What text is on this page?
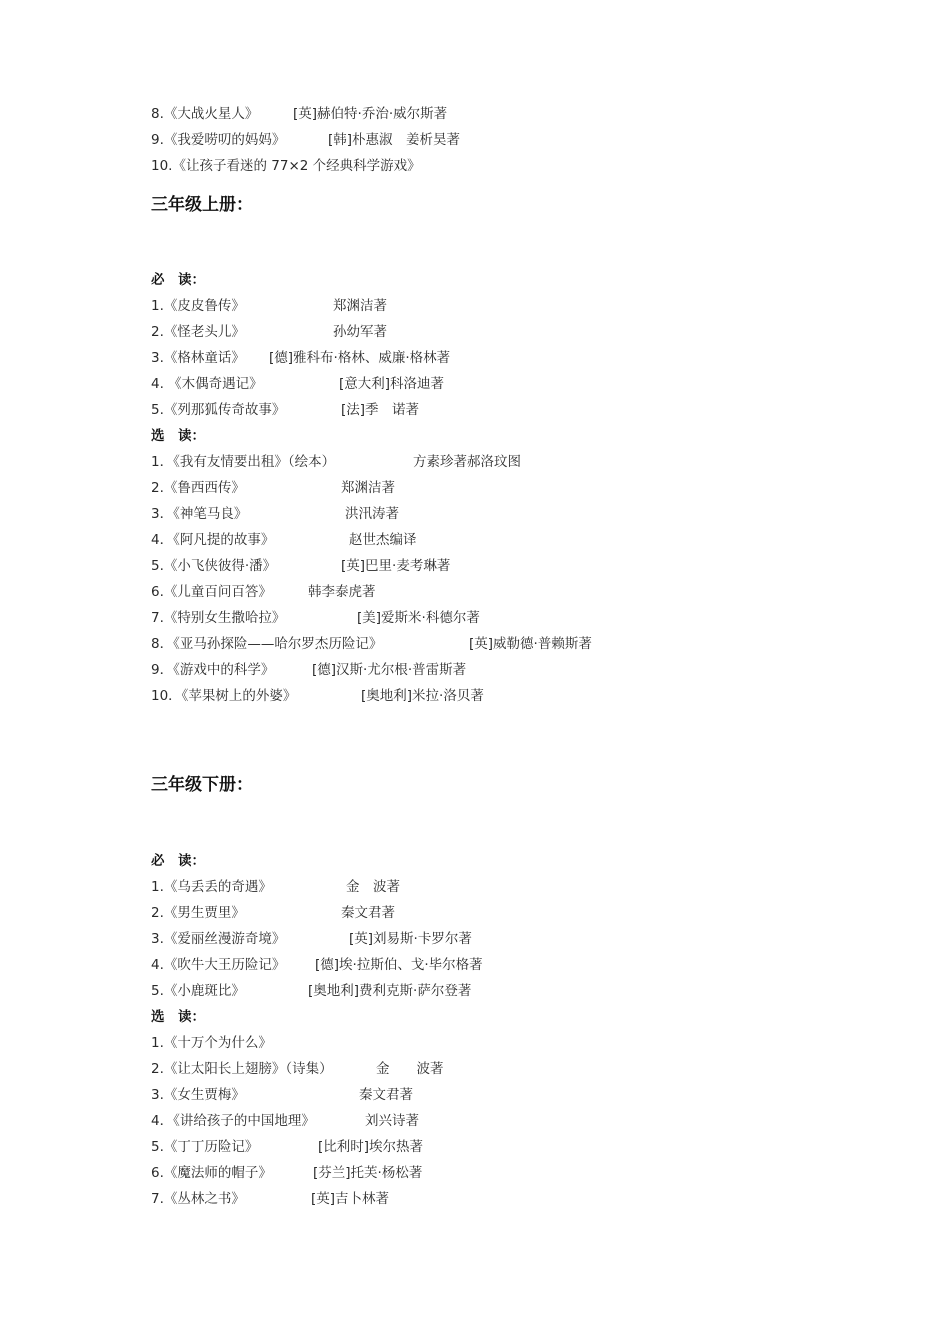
8.《大战火星人》	[英]赫伯特·乔治·威尔斯著
9.《我爱唠叨的妈妈》	[韩]朴惠淑　姜析昊著
10.《让孩子看迷的 77×2 个经典科学游戏》
三年级上册：
必　读：
1.《皮皮鲁传》	郑渊洁著
2.《怪老头儿》	孙幼军著
3.《格林童话》 [德]雅科布·格林、威廉·格林著
4. 《木偶奇遇记》	[意大利]科洛迪著
5.《列那狐传奇故事》	[法]季　诺著
选　读：
1．《我有友情要出租》（绘本）	方素珍著郝洛玟图
2.《鲁西西传》	郑渊洁著
3．《神笔马良》	洪汛涛著
4．《阿凡提的故事》	赵世杰编译
5.《小飞侠彼得·潘》	[英]巴里·麦考琳著
6.《儿童百问百答》	韩李泰虎著
7.《特别女生撒哈拉》	[美]爱斯米·科德尔著
8．《亚马孙探险——哈尔罗杰历险记》	[英]威勒德·普赖斯著
9．《游戏中的科学》	[德]汉斯·尤尔根·普雷斯著
10．《苹果树上的外婆》	[奥地利]米拉·洛贝著
三年级下册：
必　读：
1.《乌丢丢的奇遇》	金　波著
2.《男生贾里》	秦文君著
3.《爱丽丝漫游奇境》	[英]刘易斯·卡罗尔著
4.《吹牛大王历险记》 [德]埃·拉斯伯、戈·毕尔格著
5.《小鹿斑比》	[奥地利]费利克斯·萨尔登著
选　读：
1.《十万个为什么》
2.《让太阳长上翅膀》（诗集）	金　　波著
3.《女生贾梅》	秦文君著
4．《讲给孩子的中国地理》	刘兴诗著
5.《丁丁历险记》	[比利时]埃尔热著
6.《魔法师的帽子》	[芬兰]托芙·杨松著
7.《丛林之书》	[英]吉卜林著
